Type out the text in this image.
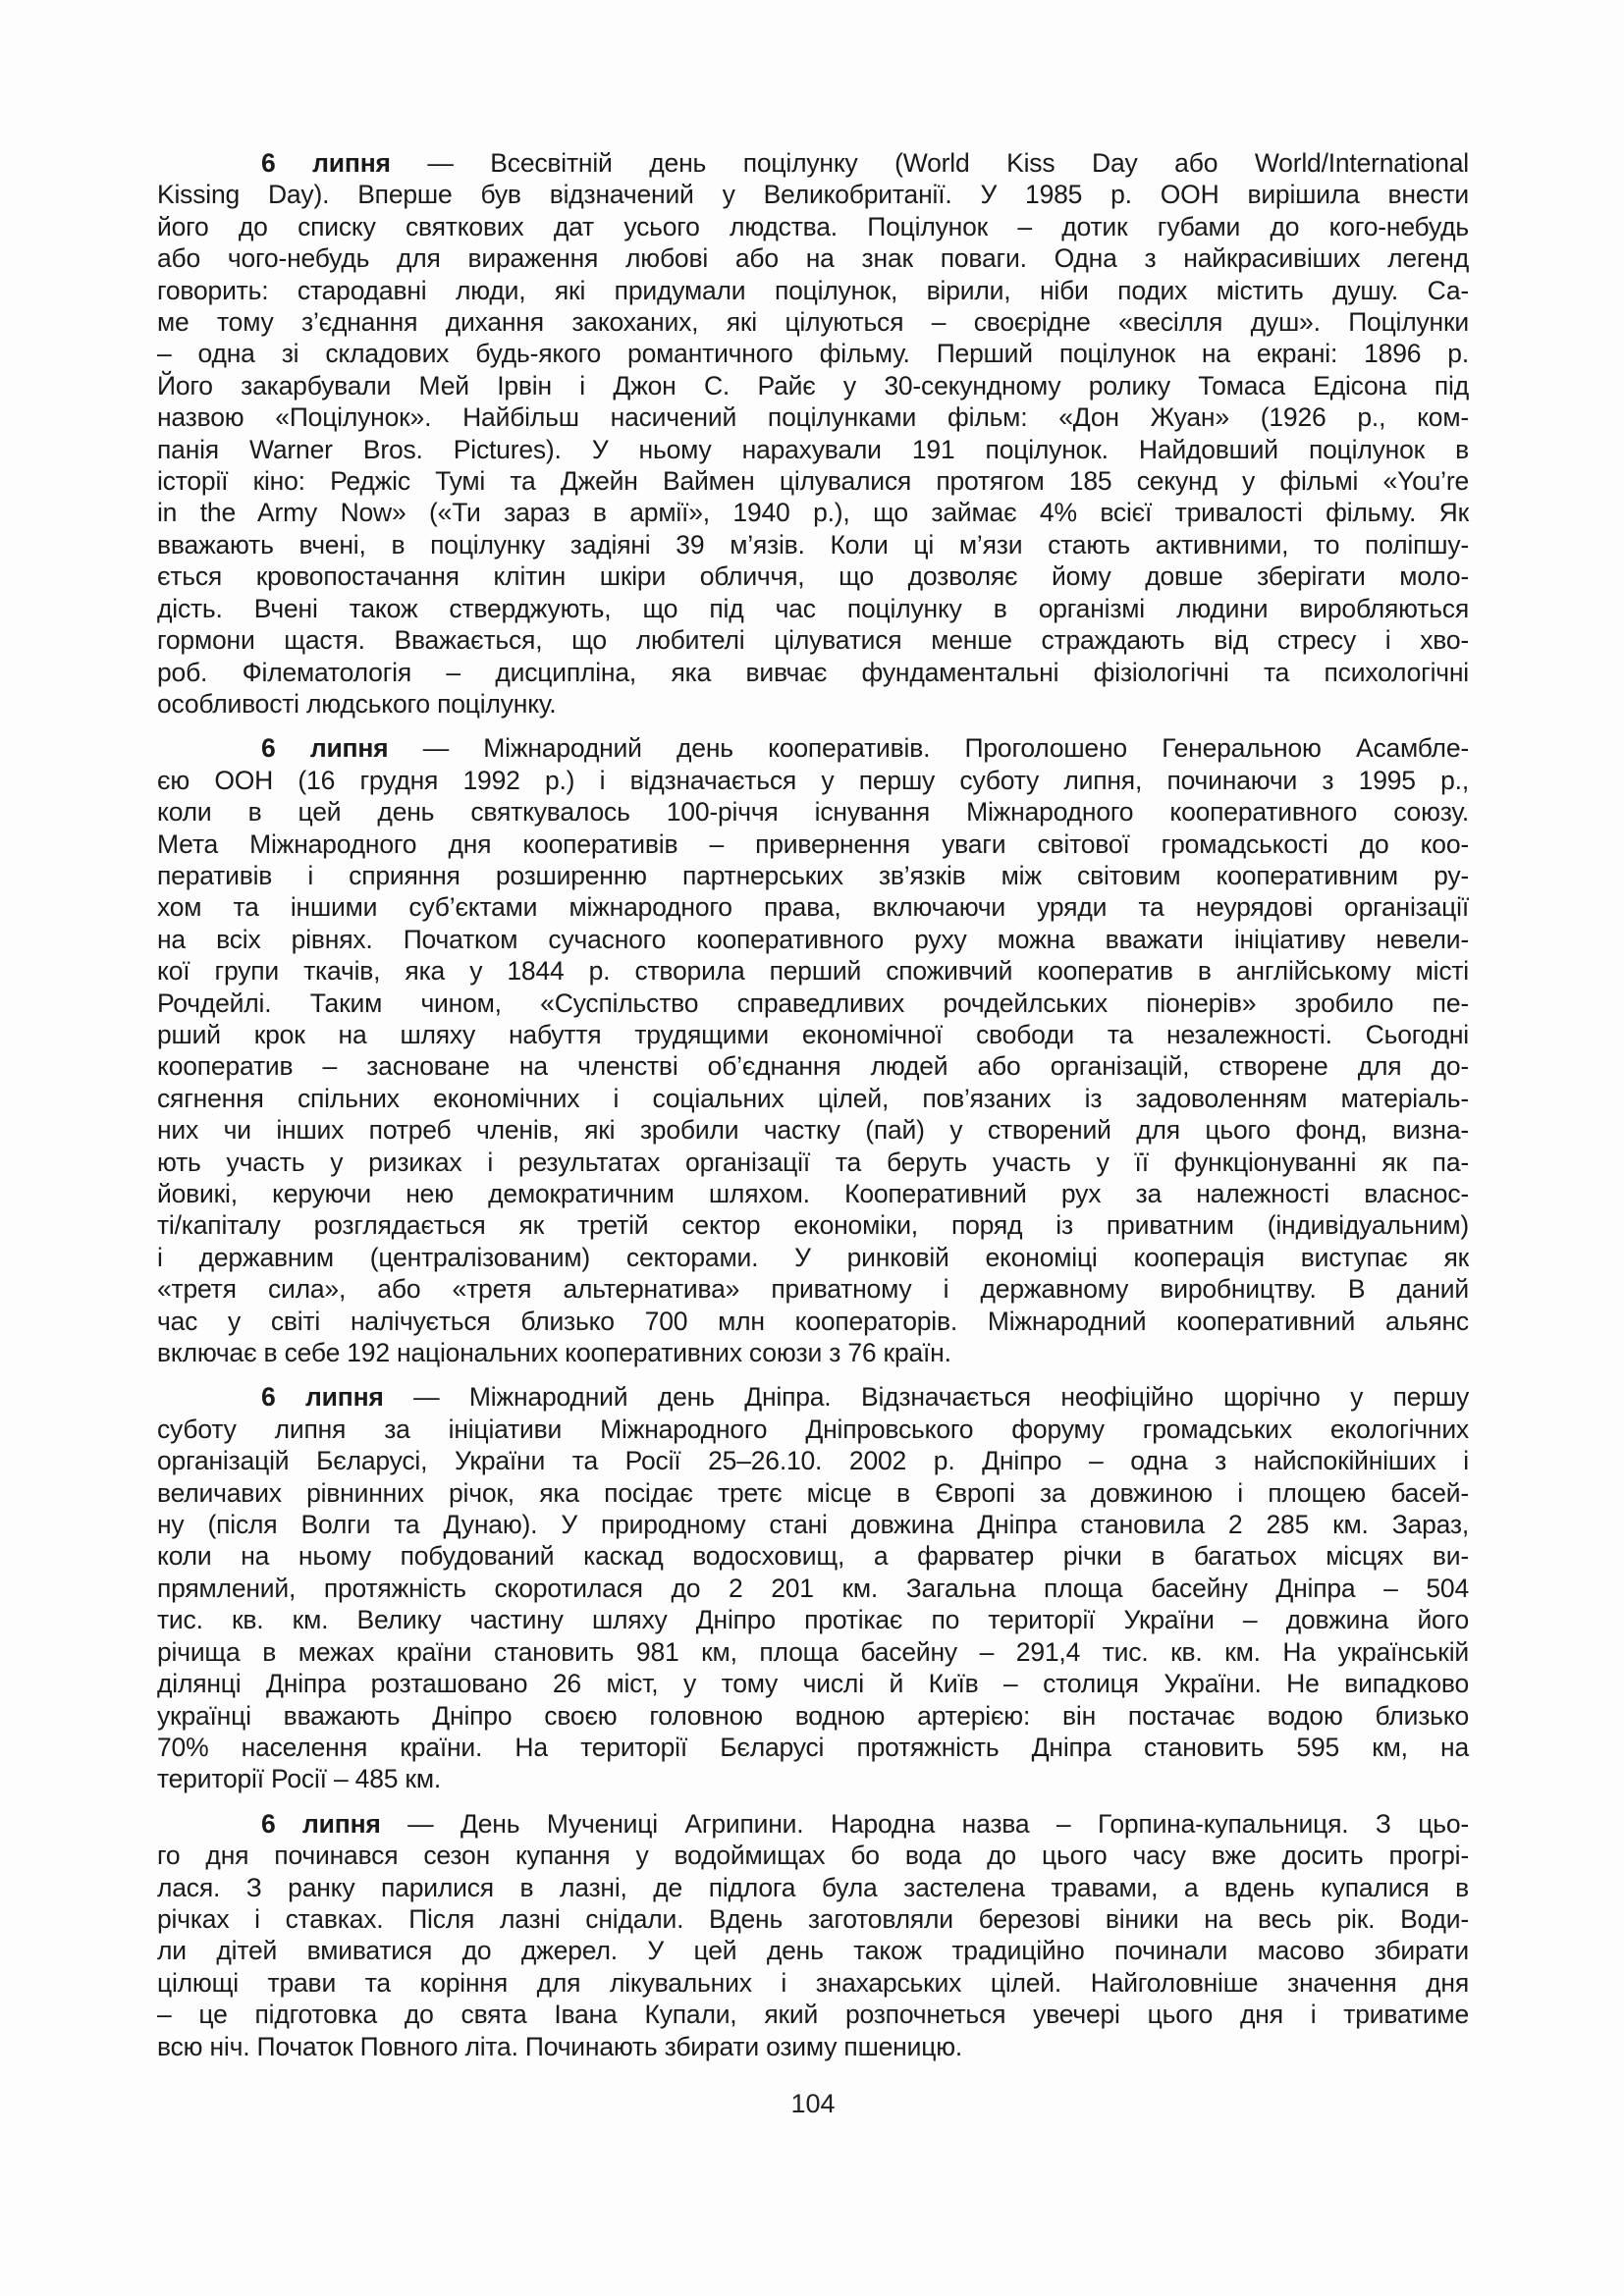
6 липня — Всесвітній день поцілунку (World Kiss Day або World/International
Kissing Day). Вперше був відзначений у Великобританії. У 1985 р. ООН вирішила внести
його до списку святкових дат усього людства. Поцілунок – дотик губами до кого-небудь
або чого-небудь для вираження любові або на знак поваги. Одна з найкрасивіших легенд
говорить: стародавні люди, які придумали поцілунок, вірили, ніби подих містить душу. Са-
ме тому з’єднання дихання закоханих, які цілуються – своєрідне «весілля душ». Поцілунки
– одна зі складових будь-якого романтичного фільму. Перший поцілунок на екрані: 1896 р.
Його закарбували Мей Ірвін і Джон С. Райє у 30-секундному ролику Томаса Едісона під
назвою «Поцілунок». Найбільш насичений поцілунками фільм: «Дон Жуан» (1926 р., ком-
панія Warner Bros. Pictures). У ньому нарахували 191 поцілунок. Найдовший поцілунок в
історії кіно: Реджіс Тумі та Джейн Ваймен цілувалися протягом 185 секунд у фільмі «You’re
in the Army Now» («Ти зараз в армії», 1940 р.), що займає 4% всієї тривалості фільму. Як
вважають вчені, в поцілунку задіяні 39 м’язів. Коли ці м’язи стають активними, то поліпшу-
ється кровопостачання клітин шкіри обличчя, що дозволяє йому довше зберігати моло-
дість. Вчені також стверджують, що під час поцілунку в організмі людини виробляються
гормони щастя. Вважається, що любителі цілуватися менше страждають від стресу і хво-
роб. Філематологія – дисципліна, яка вивчає фундаментальні фізіологічні та психологічні
особливості людського поцілунку.
6 липня — Міжнародний день кооперативів. Проголошено Генеральною Асамбле-
єю ООН (16 грудня 1992 р.) і відзначається у першу суботу липня, починаючи з 1995 р.,
коли в цей день святкувалось 100-річчя існування Міжнародного кооперативного союзу.
Мета Міжнародного дня кооперативів – привернення уваги світової громадськості до коо-
перативів і сприяння розширенню партнерських зв’язків між світовим кооперативним ру-
хом та іншими суб’єктами міжнародного права, включаючи уряди та неурядові організації
на всіх рівнях. Початком сучасного кооперативного руху можна вважати ініціативу невели-
кої групи ткачів, яка у 1844 р. створила перший споживчий кооператив в англійському місті
Рочдейлі. Таким чином, «Суспільство справедливих рочдейлських піонерів» зробило пе-
рший крок на шляху набуття трудящими економічної свободи та незалежності. Сьогодні
кооператив – засноване на членстві об’єднання людей або організацій, створене для до-
сягнення спільних економічних і соціальних цілей, пов’язаних із задоволенням матеріаль-
них чи інших потреб членів, які зробили частку (пай) у створений для цього фонд, визна-
ють участь у ризиках і результатах організації та беруть участь у її функціонуванні як па-
йовикі, керуючи нею демократичним шляхом. Кооперативний рух за належності власнос-
ті/капіталу розглядається як третій сектор економіки, поряд із приватним (індивідуальним)
і державним (централізованим) секторами. У ринковій економіці кооперація виступає як
«третя сила», або «третя альтернатива» приватному і державному виробництву. В даний
час у світі налічується близько 700 млн кооператорів. Міжнародний кооперативний альянс
включає в себе 192 національних кооперативних союзи з 76 країн.
6 липня — Міжнародний день Дніпра. Відзначається неофіційно щорічно у першу
суботу липня за ініціативи Міжнародного Дніпровського форуму громадських екологічних
організацій Бєларусі, України та Росії 25–26.10. 2002 р. Дніпро – одна з найспокійніших і
величавих рівнинних річок, яка посідає третє місце в Європі за довжиною і площею басей-
ну (після Волги та Дунаю). У природному стані довжина Дніпра становила 2 285 км. Зараз,
коли на ньому побудований каскад водосховищ, а фарватер річки в багатьох місцях ви-
прямлений, протяжність скоротилася до 2 201 км. Загальна площа басейну Дніпра – 504
тис. кв. км. Велику частину шляху Дніпро протікає по території України – довжина його
річища в межах країни становить 981 км, площа басейну – 291,4 тис. кв. км. На українській
ділянці Дніпра розташовано 26 міст, у тому числі й Київ – столиця України. Не випадково
українці вважають Дніпро своєю головною водною артерією: він постачає водою близько
70% населення країни. На території Бєларусі протяжність Дніпра становить 595 км, на
території Росії – 485 км.
6 липня — День Мучениці Агрипини. Народна назва – Горпина-купальниця. З цьо-
го дня починався сезон купання у водоймищах бо вода до цього часу вже досить прогрі-
лася. З ранку парилися в лазні, де підлога була застелена травами, а вдень купалися в
річках і ставках. Після лазні снідали. Вдень заготовляли березові віники на весь рік. Води-
ли дітей вмиватися до джерел. У цей день також традиційно починали масово збирати
цілющі трави та коріння для лікувальних і знахарських цілей. Найголовніше значення дня
– це підготовка до свята Івана Купали, який розпочнеться увечері цього дня і триватиме
всю ніч. Початок Повного літа. Починають збирати озиму пшеницю.
104
